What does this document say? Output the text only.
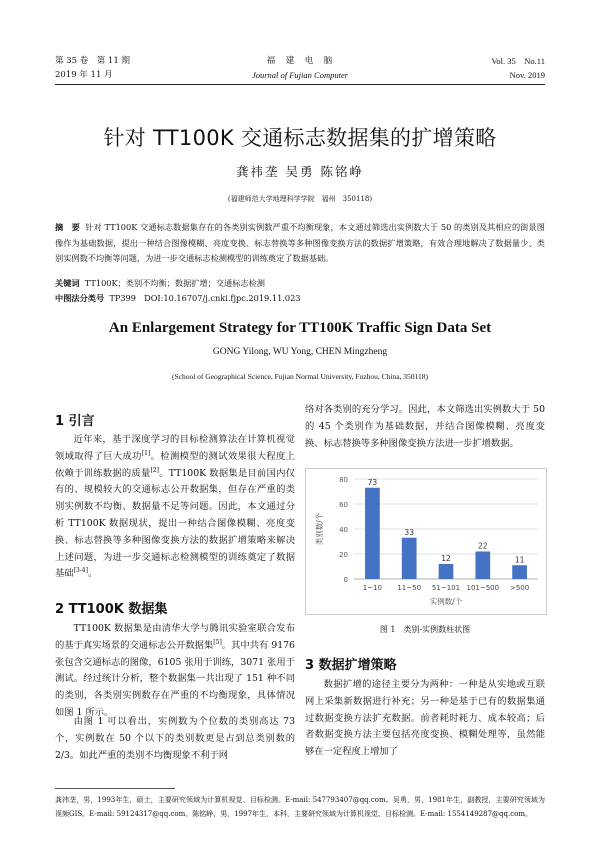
第 35 卷　第 11 期
2019 年 11 月
福　建　电　脑
Journal of Fujian Computer
Vol. 35　No.11
Nov. 2019
针对 TT100K 交通标志数据集的扩增策略
龚祎垄 吴勇 陈铭峥
(福建师范大学地理科学学院　福州　350118)
摘　要 针对 TT100K 交通标志数据集存在的各类别实例数严重不均衡现象，本文通过筛选出实例数大于 50 的类别及其相应的街景图像作为基础数据，提出一种结合图像模糊、亮度变换、标志替换等多种图像变换方法的数据扩增策略，有效合理地解决了数据量少、类别实例数不均衡等问题，为进一步交通标志检测模型的训练奠定了数据基础。
关键词 TT100K；类别不均衡；数据扩增；交通标志检测
中图法分类号 TP399　DOI:10.16707/j.cnki.fjpc.2019.11.023
An Enlargement Strategy for TT100K Traffic Sign Data Set
GONG Yilong, WU Yong, CHEN Mingzheng
(School of Geographical Science, Fujian Normal University, Fuzhou, China, 350118)
1 引言
近年来，基于深度学习的目标检测算法在计算机视觉领域取得了巨大成功[1]。检测模型的测试效果很大程度上依赖于训练数据的质量[2]。TT100K 数据集是目前国内仅有的、规模较大的交通标志公开数据集，但存在严重的类别实例数不均衡、数据量不足等问题。因此，本文通过分析 TT100K 数据现状，提出一种结合图像模糊、亮度变换、标志替换等多种图像变换方法的数据扩增策略来解决上述问题，为进一步交通标志检测模型的训练奠定了数据基础[3-4]。
2 TT100K 数据集
TT100K 数据集是由清华大学与腾讯实验室联合发布的基于真实场景的交通标志公开数据集[5]。其中共有 9176 张包含交通标志的图像，6105 张用于训练，3071 张用于测试。经过统计分析，整个数据集一共出现了 151 种不同的类别，各类别实例数存在严重的不均衡现象，具体情况如图 1 所示。
由图 1 可以看出，实例数为个位数的类别高达 73 个，实例数在 50 个以下的类别数更是占到总类别数的 2/3。如此严重的类别不均衡现象不利于网
络对各类别的充分学习。因此，本文筛选出实例数大于 50 的 45 个类别作为基础数据，并结合图像模糊、亮度变换、标志替换等多种图像变换方法进一步扩增数据。
0
20
40
60
80	73
1~10
33
11~50
12
51~101
22
101~500
11
>500
实例数/个
类别数/个
图 1　类别-实例数柱状图
3 数据扩增策略
数据扩增的途径主要分为两种：一种是从实地或互联网上采集新数据进行补充；另一种是基于已有的数据集通过数据变换方法扩充数据。前者耗时耗力、成本较高；后者数据变换方法主要包括亮度变换、模糊处理等，虽然能够在一定程度上增加了
龚祎垄，男，1993年生，硕士，主要研究领域为计算机视觉、目标检测。E-mail: 547793407@qq.com。吴勇，男，1981年生，副教授，主要研究领域为视频GIS。E-mail: 59124317@qq.com。陈铭峥，男，1997年生，本科，主要研究领域为计算机视觉、目标检测。E-mail: 1554149287@qq.com。
